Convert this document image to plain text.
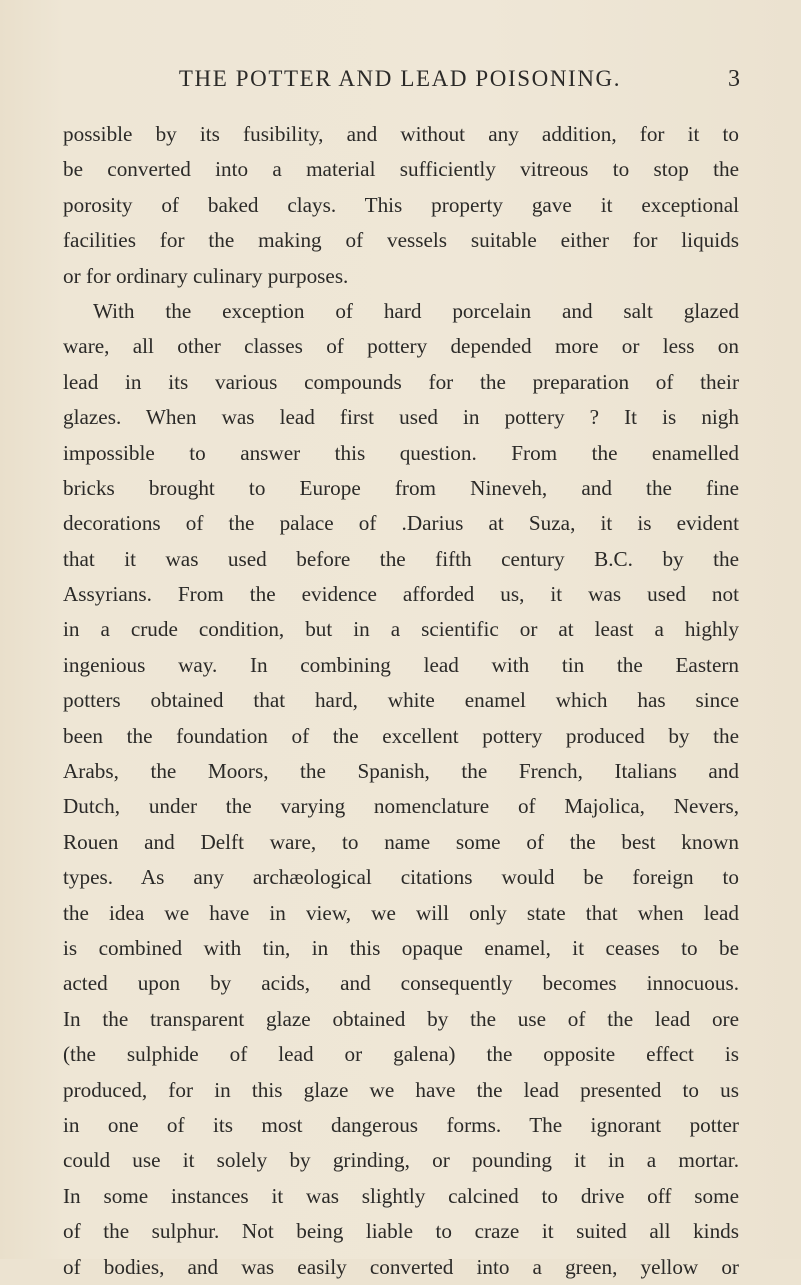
THE POTTER AND LEAD POISONING.	3
possible by its fusibility, and without any addition, for it to
be converted into a material sufficiently vitreous to stop the
porosity of baked clays. This property gave it exceptional
facilities for the making of vessels suitable either for liquids
or for ordinary culinary purposes.
With the exception of hard porcelain and salt glazed
ware, all other classes of pottery depended more or less on
lead in its various compounds for the preparation of their
glazes. When was lead first used in pottery ? It is nigh
impossible to answer this question. From the enamelled
bricks brought to Europe from Nineveh, and the fine
decorations of the palace of .Darius at Suza, it is evident
that it was used before the fifth century B.C. by the
Assyrians. From the evidence afforded us, it was used not
in a crude condition, but in a scientific or at least a highly
ingenious way. In combining lead with tin the Eastern
potters obtained that hard, white enamel which has since
been the foundation of the excellent pottery produced by the
Arabs, the Moors, the Spanish, the French, Italians and
Dutch, under the varying nomenclature of Majolica, Nevers,
Rouen and Delft ware, to name some of the best known
types. As any archæological citations would be foreign to
the idea we have in view, we will only state that when lead
is combined with tin, in this opaque enamel, it ceases to be
acted upon by acids, and consequently becomes innocuous.
In the transparent glaze obtained by the use of the lead ore
(the sulphide of lead or galena) the opposite effect is
produced, for in this glaze we have the lead presented to us
in one of its most dangerous forms. The ignorant potter
could use it solely by grinding, or pounding it in a mortar.
In some instances it was slightly calcined to drive off some
of the sulphur. Not being liable to craze it suited all kinds
of bodies, and was easily converted into a green, yellow or
